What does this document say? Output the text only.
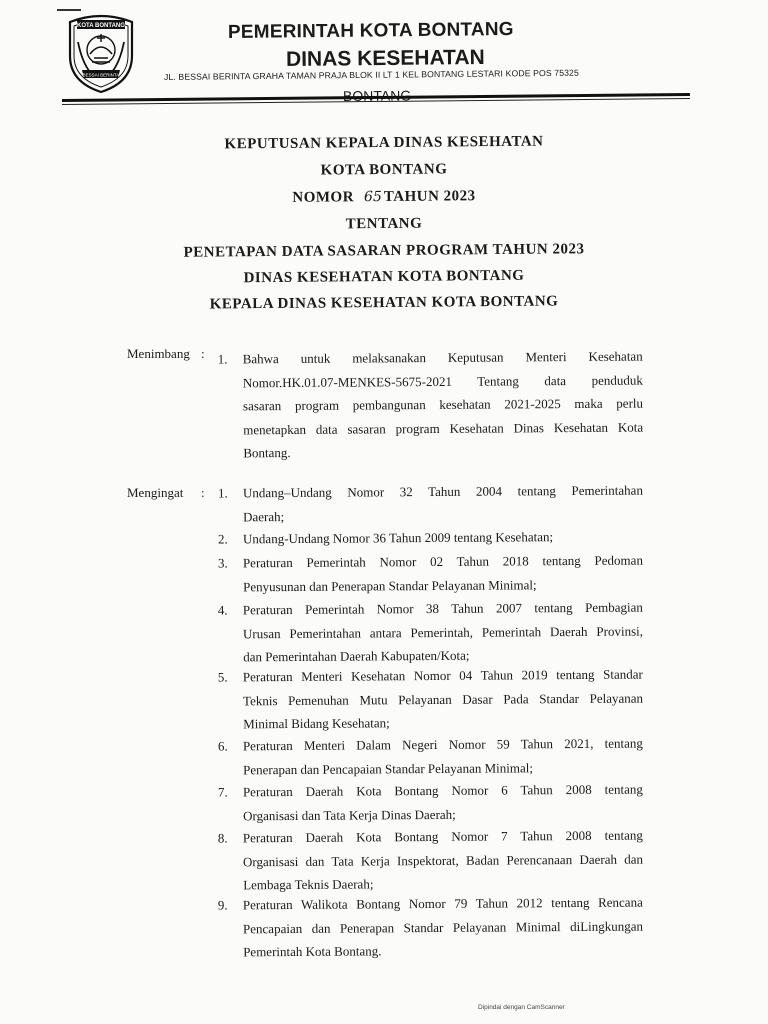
KOTA BONTANG
BESSAI BERINTA
PEMERINTAH KOTA BONTANG
DINAS KESEHATAN
JL. BESSAI BERINTA GRAHA TAMAN PRAJA BLOK II LT 1 KEL BONTANG LESTARI KODE POS 75325
KEPUTUSAN KEPALA DINAS KESEHATAN
KOTA BONTANG
NOMOR 65 TAHUN 2023
TENTANG
PENETAPAN DATA SASARAN PROGRAM TAHUN 2023
DINAS KESEHATAN KOTA BONTANG
KEPALA DINAS KESEHATAN KOTA BONTANG
Menimbang : 1.	Bahwa untuk melaksanakan Keputusan Menteri Kesehatan
Nomor.HK.01.07-MENKES-5675-2021 Tentang data penduduk
sasaran program pembangunan kesehatan 2021-2025 maka perlu
menetapkan data sasaran program Kesehatan Dinas Kesehatan Kota
Bontang.
Mengingat : 1.	Undang–Undang Nomor 32 Tahun 2004 tentang Pemerintahan
Daerah;
2.	Undang-Undang Nomor 36 Tahun 2009 tentang Kesehatan;
3.	Peraturan Pemerintah Nomor 02 Tahun 2018 tentang Pedoman
Penyusunan dan Penerapan Standar Pelayanan Minimal;
4.	Peraturan Pemerintah Nomor 38 Tahun 2007 tentang Pembagian
Urusan Pemerintahan antara Pemerintah, Pemerintah Daerah Provinsi,
dan Pemerintahan Daerah Kabupaten/Kota;
5.	Peraturan Menteri Kesehatan Nomor 04 Tahun 2019 tentang Standar
Teknis Pemenuhan Mutu Pelayanan Dasar Pada Standar Pelayanan
Minimal Bidang Kesehatan;
6.	Peraturan Menteri Dalam Negeri Nomor 59 Tahun 2021, tentang
Penerapan dan Pencapaian Standar Pelayanan Minimal;
7.	Peraturan Daerah Kota Bontang Nomor 6 Tahun 2008 tentang
Organisasi dan Tata Kerja Dinas Daerah;
8.	Peraturan Daerah Kota Bontang Nomor 7 Tahun 2008 tentang
Organisasi dan Tata Kerja Inspektorat, Badan Perencanaan Daerah dan
Lembaga Teknis Daerah;
9.	Peraturan Walikota Bontang Nomor 79 Tahun 2012 tentang Rencana
Pencapaian dan Penerapan Standar Pelayanan Minimal diLingkungan
Pemerintah Kota Bontang.
Dipindai dengan CamScanner
